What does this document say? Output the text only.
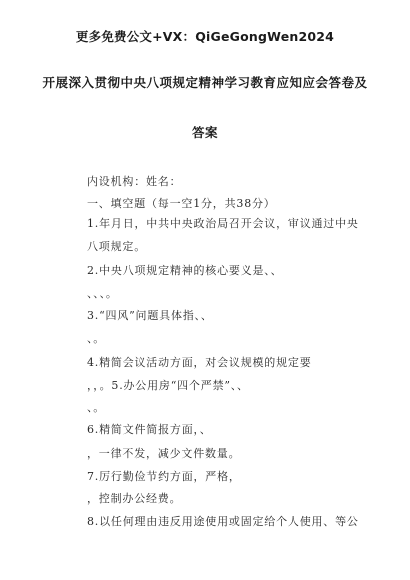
更多免费公文+VX：QiGeGongWen2024
开展深入贯彻中央八项规定精神学习教育应知应会答卷及
答案
内设机构：姓名：
一、填空题（每一空1分，共38分）
1.年月日，中共中央政治局召开会议，审议通过中央
八项规定。
2.中央八项规定精神的核心要义是、、
、、、。
3.“四风”问题具体指、、
、。
4.精简会议活动方面，对会议规模的规定要
，，。5.办公用房“四个严禁”、、
、。
6.精简文件简报方面，、
，一律不发，减少文件数量。
7.厉行勤俭节约方面，严格，
，控制办公经费。
8.以任何理由违反用途使用或固定给个人使用、等公
